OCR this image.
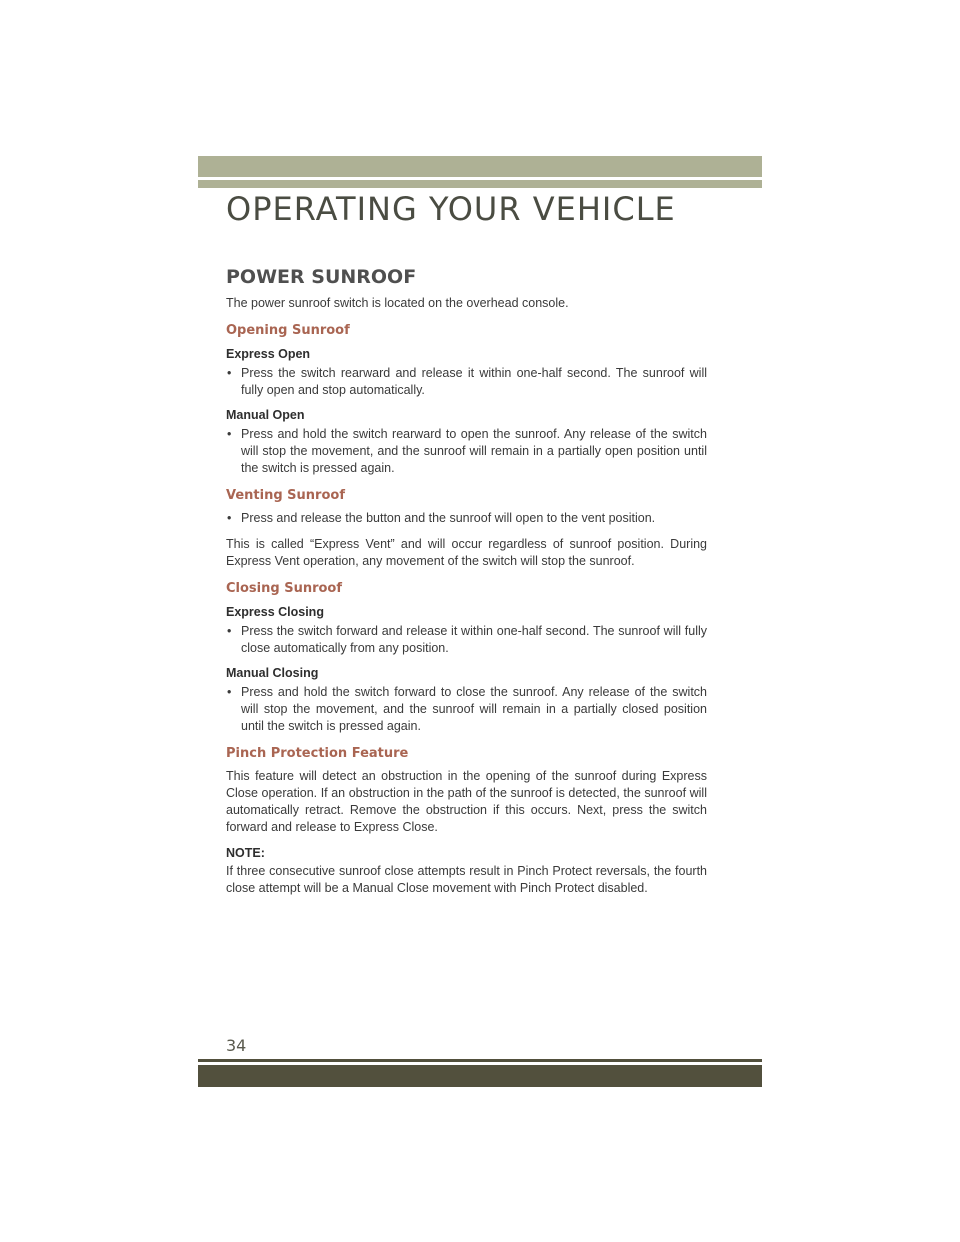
OPERATING YOUR VEHICLE
POWER SUNROOF

The power sunroof switch is located on the overhead console.

Opening Sunroof
Express Open
• Press the switch rearward and release it within one-half second. The sunroof will fully open and stop automatically.
Manual Open
• Press and hold the switch rearward to open the sunroof. Any release of the switch will stop the movement, and the sunroof will remain in a partially open position until the switch is pressed again.
Venting Sunroof
• Press and release the button and the sunroof will open to the vent position.

This is called “Express Vent” and will occur regardless of sunroof position. During Express Vent operation, any movement of the switch will stop the sunroof.

Closing Sunroof
Express Closing
• Press the switch forward and release it within one-half second. The sunroof will fully close automatically from any position.
Manual Closing
• Press and hold the switch forward to close the sunroof. Any release of the switch will stop the movement, and the sunroof will remain in a partially closed position until the switch is pressed again.
Pinch Protection Feature

This feature will detect an obstruction in the opening of the sunroof during Express Close operation. If an obstruction in the path of the sunroof is detected, the sunroof will automatically retract. Remove the obstruction if this occurs. Next, press the switch forward and release to Express Close.

NOTE:

If three consecutive sunroof close attempts result in Pinch Protect reversals, the fourth close attempt will be a Manual Close movement with Pinch Protect disabled.

34
